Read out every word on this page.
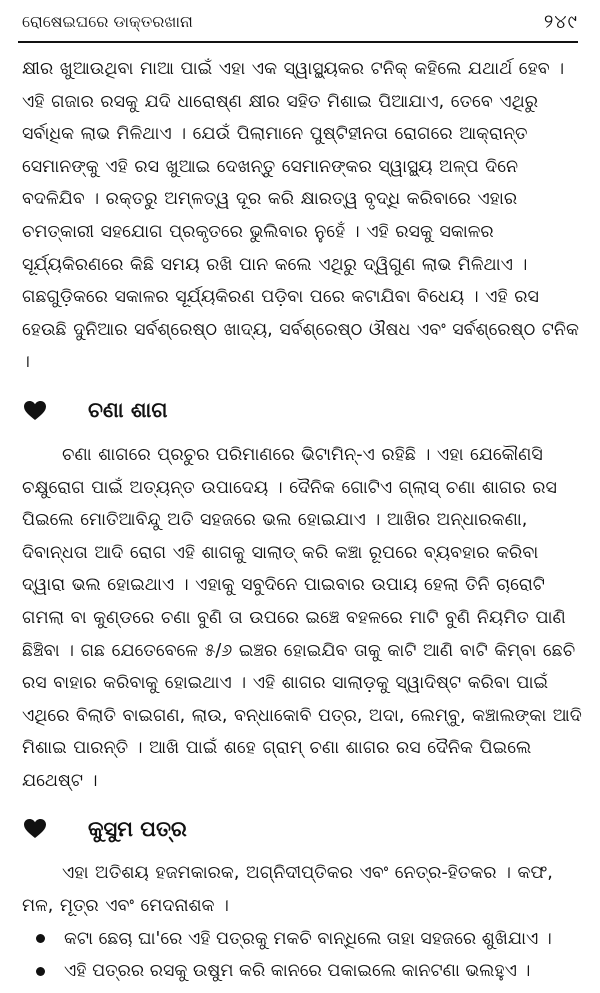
ରୋଷେଇଘରେ ଡାକ୍ତରଖାନା	୨୪୯

କ୍ଷୀର ଖୁଆଉଥିବା ମାଆ ପାଇଁ ଏହା ଏକ ସ୍ୱାସ୍ଥ୍ୟକର ଟନିକ୍ କହିଲେ ଯଥାର୍ଥ ହେବ । ଏହି ଗଜାର ରସକୁ ଯଦି ଧାରୋଷ୍ଣ କ୍ଷୀର ସହିତ ମିଶାଇ ପିଆଯାଏ, ତେବେ ଏଥିରୁ ସର୍ବାଧିକ ଲାଭ ମିଳିଥାଏ । ଯେଉଁ ପିଲାମାନେ ପୁଷ୍ଟିହୀନତା ରୋଗରେ ଆକ୍ରାନ୍ତ ସେମାନଙ୍କୁ ଏହି ରସ ଖୁଆଇ ଦେଖନ୍ତୁ ସେମାନଙ୍କର ସ୍ୱାସ୍ଥ୍ୟ ଅଳ୍ପ ଦିନେ ବଦଳିଯିବ । ରକ୍ତରୁ ଅମ୍ଳତ୍ୱ ଦୂର କରି କ୍ଷାରତ୍ୱ ବୃଦ୍ଧି କରିବାରେ ଏହାର ଚମତ୍କାରୀ ସହଯୋଗ ପ୍ରକୃତରେ ଭୁଲିବାର ନୁହେଁ । ଏହି ରସକୁ ସକାଳର ସୂର୍ଯ୍ୟକିରଣରେ କିଛି ସମୟ ରଖି ପାନ କଲେ ଏଥିରୁ ଦ୍ୱିଗୁଣ ଲାଭ ମିଳିଥାଏ । ଗଛଗୁଡ଼ିକରେ ସକାଳର ସୂର୍ଯ୍ୟକିରଣ ପଡ଼ିବା ପରେ କଟାଯିବା ବିଧେୟ । ଏହି ରସ ହେଉଛି ଦୁନିଆର ସର୍ବଶ୍ରେଷ୍ଠ ଖାଦ୍ୟ, ସର୍ବଶ୍ରେଷ୍ଠ ଔଷଧ ଏବଂ ସର୍ବଶ୍ରେଷ୍ଠ ଟନିକ ।

ଚଣା ଶାଗ

ଚଣା ଶାଗରେ ପ୍ରଚୁର ପରିମାଣରେ ଭିଟାମିନ୍-ଏ ରହିଛି । ଏହା ଯେକୌଣସି ଚକ୍ଷୁରୋଗ ପାଇଁ ଅତ୍ୟନ୍ତ ଉପାଦେୟ । ଦୈନିକ ଗୋଟିଏ ଗ୍ଲାସ୍ ଚଣା ଶାଗର ରସ ପିଇଲେ ମୋତିଆବିନ୍ଦୁ ଅତି ସହଜରେ ଭଲ ହୋଇଯାଏ । ଆଖିର ଅନ୍ଧାରକଣା, ଦିବାନ୍ଧତା ଆଦି ରୋଗ ଏହି ଶାଗକୁ ସାଲାଡ୍ କରି କଞ୍ଚା ରୂପରେ ବ୍ୟବହାର କରିବା ଦ୍ୱାରା ଭଲ ହୋଇଥାଏ । ଏହାକୁ ସବୁଦିନେ ପାଇବାର ଉପାୟ ହେଲା ତିନି ଚାରୋଟି ଗମଲା ବା କୁଣ୍ଡରେ ଚଣା ବୁଣି ତା ଉପରେ ଇଞ୍ଚେ ବହଳରେ ମାଟି ବୁଣି ନିୟମିତ ପାଣି ଛିଞ୍ଚିବା । ଗଛ ଯେତେବେଳେ ୫/୬ ଇଞ୍ଚର ହୋଇଯିବ ତାକୁ କାଟି ଆଣି ବାଟି କିମ୍ବା ଛେଚି ରସ ବାହାର କରିବାକୁ ହୋଇଥାଏ । ଏହି ଶାଗର ସାଲାଡ଼କୁ ସ୍ୱାଦିଷ୍ଟ କରିବା ପାଇଁ ଏଥିରେ ବିଲାତି ବାଇଗଣ, ଲାଉ, ବନ୍ଧାକୋବି ପତ୍ର, ଅଦା, ଲେମ୍ବୁ, କଞ୍ଚାଲଙ୍କା ଆଦି ମିଶାଇ ପାରନ୍ତି । ଆଖି ପାଇଁ ଶହେ ଗ୍ରାମ୍ ଚଣା ଶାଗର ରସ ଦୈନିକ ପିଇଲେ ଯଥେଷ୍ଟ ।

କୁସୁମ ପତ୍ର

ଏହା ଅତିଶୟ ହଜମକାରକ, ଅଗ୍ନିଦୀପ୍ତିକର ଏବଂ ନେତ୍ର-ହିତକର । କଫ, ମଳ, ମୂତ୍ର ଏବଂ ମେଦନାଶକ ।

କଟା ଛେଚା ଘା'ରେ ଏହି ପତ୍ରକୁ ମକଚି ବାନ୍ଧିଲେ ତାହା ସହଜରେ ଶୁଖିଯାଏ ।
ଏହି ପତ୍ରର ରସକୁ ଉଷୁମ କରି କାନରେ ପକାଇଲେ କାନଟଣା ଭଲହୁଏ ।
